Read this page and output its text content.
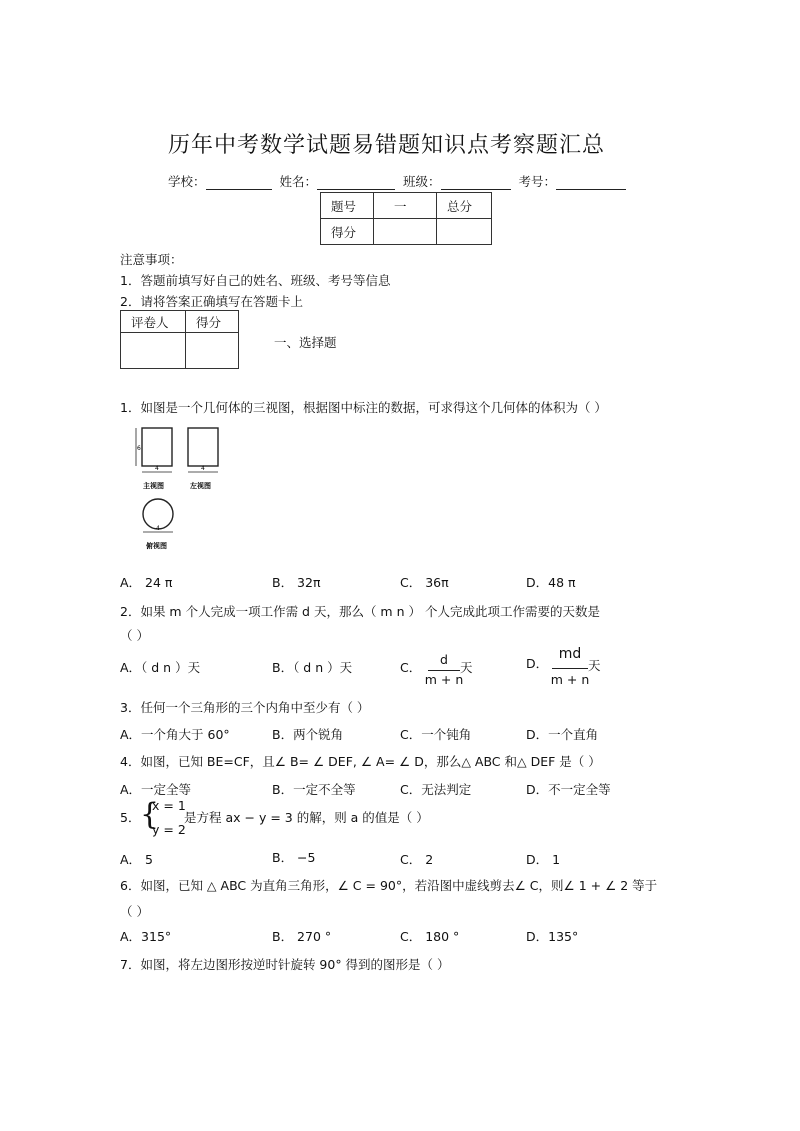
历年中考数学试题易错题知识点考察题汇总
学校：	姓名：	班级：	考号：
题号	一	总分
得分		
注意事项：
1．答题前填写好自己的姓名、班级、考号等信息
2．请将答案正确填写在答题卡上
评卷人	得分

一、选择题
1．如图是一个几何体的三视图，根据图中标注的数据，可求得这个几何体的体积为（ ）
6
4
主视图
4
左视图
4
俯视图
A． 24 π	B． 32π	C． 36π	D．48 π
2．如果 m 个人完成一项工作需 d 天，那么（ m n ） 个人完成此项工作需要的天数是
（ ）
A．（ d n ）天	B．（ d n ）天	C．
d
m + n
天	D．
md
m + n
天
3．任何一个三角形的三个内角中至少有（ ）
A．一个角大于 60°	B．两个锐角	C．一个钝角	D．一个直角
4．如图，已知 BE=CF，且∠ B= ∠ DEF, ∠ A= ∠ D，那么△ ABC 和△ DEF 是（ ）
A．一定全等	B．一定不全等	C．无法判定	D．不一定全等
5． {
x = 1
y = 2
是方程 ax − y = 3 的解，则 a 的值是（ ）
A． 5	B． −5	C． 2	D． 1
6．如图，已知 △ ABC 为直角三角形，∠ C = 90°，若沿图中虚线剪去∠ C，则∠ 1 + ∠ 2 等于
（ ）
A．315°	B． 270 °	C． 180 °	D．135°
7．如图，将左边图形按逆时针旋转 90° 得到的图形是（ ）
